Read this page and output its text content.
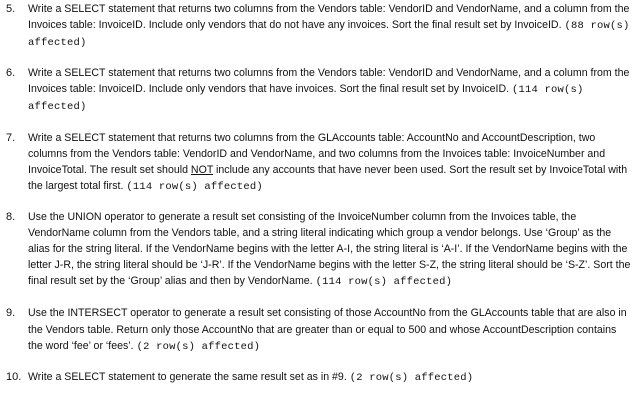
5.	Write a SELECT statement that returns two columns from the Vendors table: VendorID and VendorName, and a column from the Invoices table: InvoiceID. Include only vendors that do not have any invoices. Sort the final result set by InvoiceID. (88 row(s) affected)
6.	Write a SELECT statement that returns two columns from the Vendors table: VendorID and VendorName, and a column from the Invoices table: InvoiceID. Include only vendors that have invoices. Sort the final result set by InvoiceID. (114 row(s) affected)
7.	Write a SELECT statement that returns two columns from the GLAccounts table: AccountNo and AccountDescription, two columns from the Vendors table: VendorID and VendorName, and two columns from the Invoices table: InvoiceNumber and InvoiceTotal. The result set should NOT include any accounts that have never been used. Sort the result set by InvoiceTotal with the largest total first. (114 row(s) affected)
8.	Use the UNION operator to generate a result set consisting of the InvoiceNumber column from the Invoices table, the VendorName column from the Vendors table, and a string literal indicating which group a vendor belongs. Use ‘Group’ as the alias for the string literal. If the VendorName begins with the letter A-I, the string literal is ‘A-I’. If the VendorName begins with the letter J-R, the string literal should be ‘J-R’. If the VendorName begins with the letter S-Z, the string literal should be ‘S-Z’. Sort the final result set by the ‘Group’ alias and then by VendorName. (114 row(s) affected)
9.	Use the INTERSECT operator to generate a result set consisting of those AccountNo from the GLAccounts table that are also in the Vendors table. Return only those AccountNo that are greater than or equal to 500 and whose AccountDescription contains the word ‘fee’ or ‘fees’. (2 row(s) affected)
10. Write a SELECT statement to generate the same result set as in #9. (2 row(s) affected)
